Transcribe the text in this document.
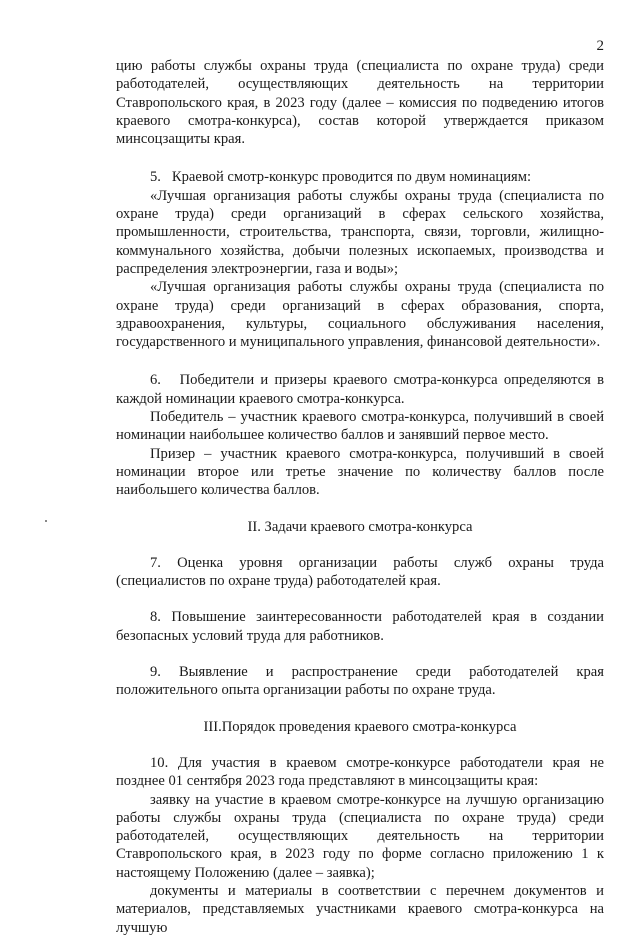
2

цию работы службы охраны труда (специалиста по охране труда) среди работодателей, осуществляющих деятельность на территории Ставропольского края, в 2023 году (далее – комиссия по подведению итогов краевого смотра-конкурса), состав которой утверждается приказом минсоцзащиты края.

5.   Краевой смотр-конкурс проводится по двум номинациям:

«Лучшая организация работы службы охраны труда (специалиста по охране труда) среди организаций в сферах сельского хозяйства, промышленности, строительства, транспорта, связи, торговли, жилищно-коммунального хозяйства, добычи полезных ископаемых, производства и распределения электроэнергии, газа и воды»;

«Лучшая организация работы службы охраны труда (специалиста по охране труда) среди организаций в сферах образования, спорта, здравоохранения, культуры, социального обслуживания населения, государственного и муниципального управления, финансовой деятельности».

6.   Победители и призеры краевого смотра-конкурса определяются в каждой номинации краевого смотра-конкурса.

Победитель – участник краевого смотра-конкурса, получивший в своей номинации наибольшее количество баллов и занявший первое место.

Призер – участник краевого смотра-конкурса, получивший в своей номинации второе или третье значение по количеству баллов после наибольшего количества баллов.

II. Задачи краевого смотра-конкурса

7. Оценка уровня организации работы служб охраны труда (специалистов по охране труда) работодателей края.

8. Повышение заинтересованности работодателей края в создании безопасных условий труда для работников.

9. Выявление и распространение среди работодателей края положительного опыта организации работы по охране труда.

III.Порядок проведения краевого смотра-конкурса

10. Для участия в краевом смотре-конкурсе работодатели края не позднее 01 сентября 2023 года представляют в минсоцзащиты края:

заявку на участие в краевом смотре-конкурсе на лучшую организацию работы службы охраны труда (специалиста по охране труда) среди работодателей, осуществляющих деятельность на территории Ставропольского края, в 2023 году по форме согласно приложению 1 к настоящему Положению (далее – заявка);

документы и материалы в соответствии с перечнем документов и материалов, представляемых участниками краевого смотра-конкурса на лучшую
